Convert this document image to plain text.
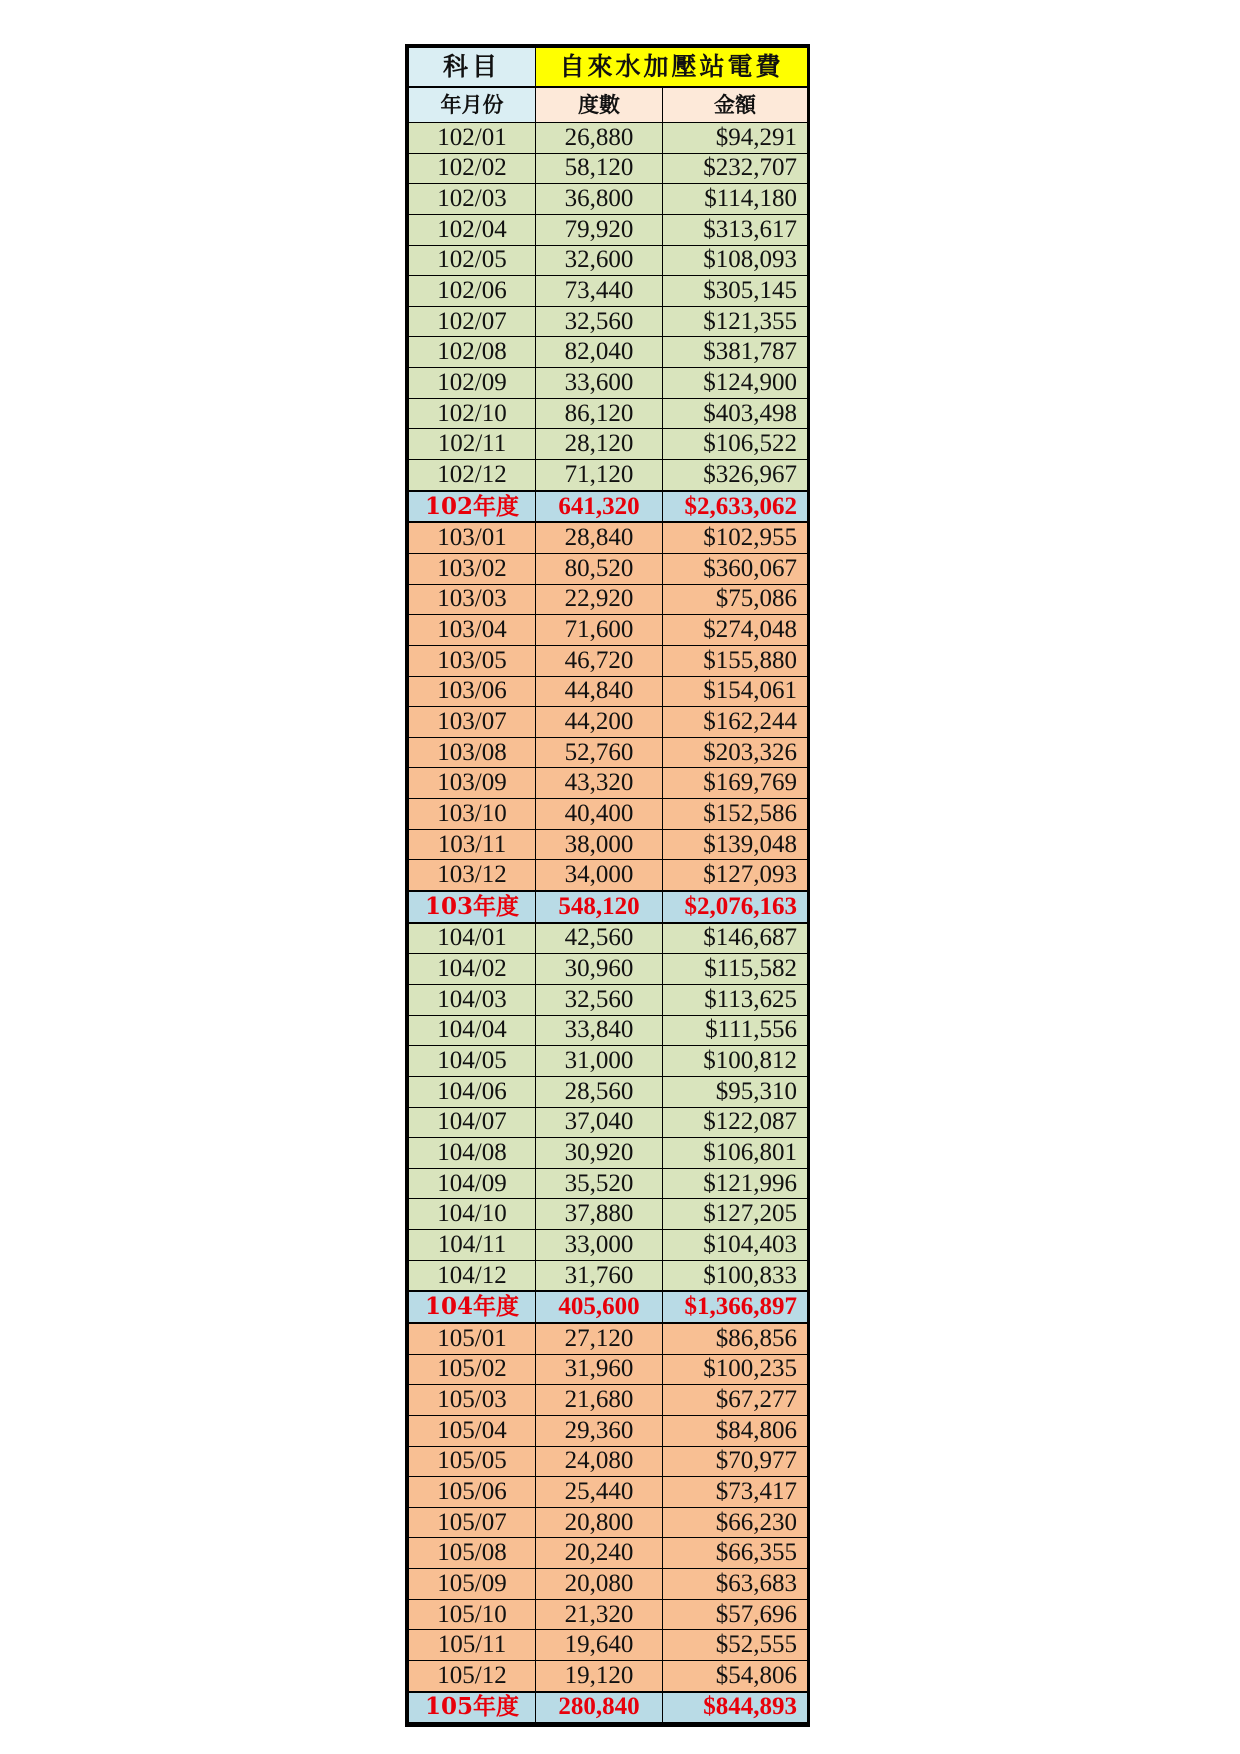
科目	自來水加壓站電費	
年月份	度數	金額
102/01	26,880	$94,291
102/02	58,120	$232,707
102/03	36,800	$114,180
102/04	79,920	$313,617
102/05	32,600	$108,093
102/06	73,440	$305,145
102/07	32,560	$121,355
102/08	82,040	$381,787
102/09	33,600	$124,900
102/10	86,120	$403,498
102/11	28,120	$106,522
102/12	71,120	$326,967
102年度	641,320	$2,633,062
103/01	28,840	$102,955
103/02	80,520	$360,067
103/03	22,920	$75,086
103/04	71,600	$274,048
103/05	46,720	$155,880
103/06	44,840	$154,061
103/07	44,200	$162,244
103/08	52,760	$203,326
103/09	43,320	$169,769
103/10	40,400	$152,586
103/11	38,000	$139,048
103/12	34,000	$127,093
103年度	548,120	$2,076,163
104/01	42,560	$146,687
104/02	30,960	$115,582
104/03	32,560	$113,625
104/04	33,840	$111,556
104/05	31,000	$100,812
104/06	28,560	$95,310
104/07	37,040	$122,087
104/08	30,920	$106,801
104/09	35,520	$121,996
104/10	37,880	$127,205
104/11	33,000	$104,403
104/12	31,760	$100,833
104年度	405,600	$1,366,897
105/01	27,120	$86,856
105/02	31,960	$100,235
105/03	21,680	$67,277
105/04	29,360	$84,806
105/05	24,080	$70,977
105/06	25,440	$73,417
105/07	20,800	$66,230
105/08	20,240	$66,355
105/09	20,080	$63,683
105/10	21,320	$57,696
105/11	19,640	$52,555
105/12	19,120	$54,806
105年度	280,840	$844,893
